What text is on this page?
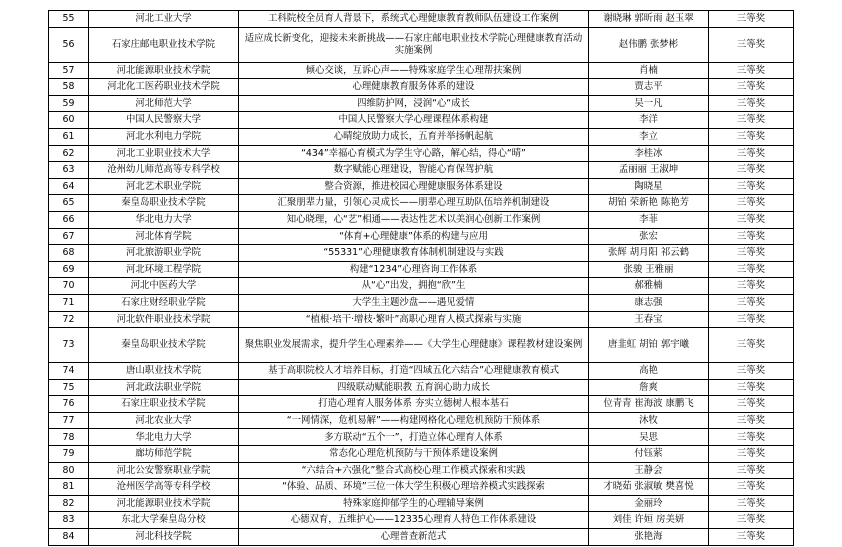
55	河北工业大学	工科院校全员育人背景下，系统式心理健康教育教师队伍建设工作案例	谢晓琳 郭昕雨 赵玉翠	三等奖
56	石家庄邮电职业技术学院	适应成长新变化，迎接未来新挑战——石家庄邮电职业技术学院心理健康教育活动实施案例	赵伟鹏 张梦彬	三等奖
57	河北能源职业技术学院	倾心交谈，互诉心声——特殊家庭学生心理帮扶案例	肖楠	三等奖
58	河北化工医药职业技术学院	心理健康教育服务体系的建设	贾志平	三等奖
59	河北师范大学	四维防护网，浸润“心“成长	吴一凡	三等奖
60	中国人民警察大学	中国人民警察大学心理课程体系构建	李洋	三等奖
61	河北水利电力学院	心晴绽放助力成长，五育并举扬帆起航	李立	三等奖
62	河北工业职业技术大学	“434”幸福心育模式为学生守心路，解心结，得心“晴”	李桂冰	三等奖
63	沧州幼儿师范高等专科学校	数字赋能心理建设，智能心育保驾护航	孟丽丽 王淑坤	三等奖
64	河北艺术职业学院	整合资源，推进校园心理健康服务体系建设	陶晓星	三等奖
65	秦皇岛职业技术学院	汇聚朋辈力量，引领心灵成长——朋辈心理互助队伍培养机制建设	胡铂 荣新艳 陈艳芳	三等奖
66	华北电力大学	知心晓理，心“艺”相通——表达性艺术以美润心创新工作案例	李菲	三等奖
67	河北体育学院	“体育+心理健康”体系的构建与应用	张宏	三等奖
68	河北旅游职业学院	“55331”心理健康教育体制机制建设与实践	张辉 胡月阳 祁云鹤	三等奖
69	河北环境工程学院	构建“1234”心理咨询工作体系	张骏 王雅丽	三等奖
70	河北中医药大学	从“心”出发，拥抱“欣”生	郝雅楠	三等奖
71	石家庄财经职业学院	大学生主题沙盘——遇见爱情	康志强	三等奖
72	河北软件职业技术学院	“植根·培干·增枝·繁叶”高职心理育人模式探索与实施	王春宝	三等奖
73	秦皇岛职业技术学院	聚焦职业发展需求，提升学生心理素养——《大学生心理健康》课程教材建设案例	唐韭虹 胡铂 郭宇曦	三等奖
74	唐山职业技术学院	基于高职院校人才培养目标，打造“四域五化六结合”心理健康教育模式	高艳	三等奖
75	河北政法职业学院	四级联动赋能职教 五育润心助力成长	詹爽	三等奖
76	石家庄职业技术学院	打造心理育人服务体系 夯实立德树人根本基石	位青青 崔海波 康鹏飞	三等奖
77	河北农业大学	“一网情深，危机易解”——构建网格化心理危机预防干预体系	沐牧	三等奖
78	华北电力大学	多方联动“五个一”，打造立体心理育人体系	吴思	三等奖
79	廊坊师范学院	常态化心理危机预防与干预体系建设案例	付钰萦	三等奖
80	河北公安警察职业学院	“六结合+六强化”整合式高校心理工作模式探索和实践	王静会	三等奖
81	沧州医学高等专科学校	“体验、品质、环境”三位一体大学生积极心理培养模式实践探索	才晓茹 张淑敏 樊喜悦	三等奖
82	河北能源职业技术学院	特殊家庭抑郁学生的心理辅导案例	金丽玲	三等奖
83	东北大学秦皇岛分校	心德双育，五维护心——12335心理育人特色工作体系建设	刘佳 许姮 房美妍	三等奖
84	河北科技学院	心理普查新范式	张艳海	三等奖
